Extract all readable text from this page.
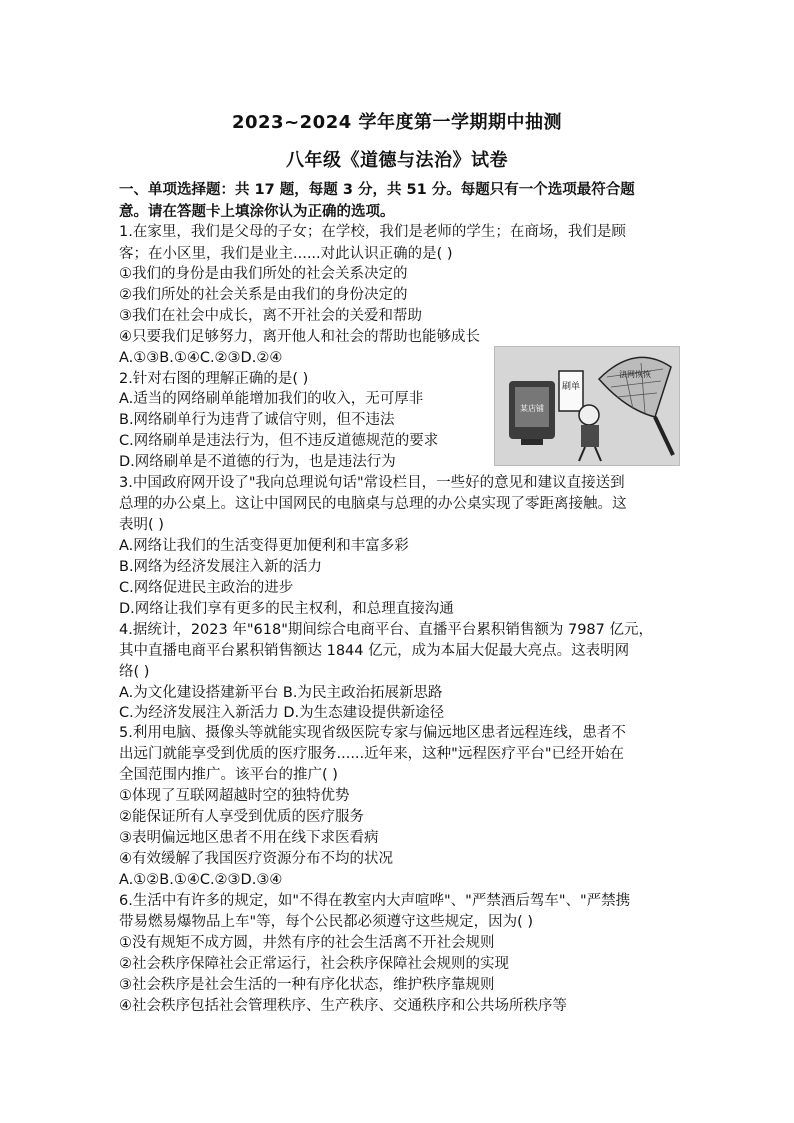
2023~2024 学年度第一学期期中抽测
八年级《道德与法治》试卷
一、单项选择题：共 17 题，每题 3 分，共 51 分。每题只有一个选项最符合题
意。请在答题卡上填涂你认为正确的选项。
1.在家里，我们是父母的子女；在学校，我们是老师的学生；在商场，我们是顾
客；在小区里，我们是业主......对此认识正确的是( )
①我们的身份是由我们所处的社会关系决定的
②我们所处的社会关系是由我们的身份决定的
③我们在社会中成长，离不开社会的关爱和帮助
④只要我们足够努力，离开他人和社会的帮助也能够成长
A.①③B.①④C.②③D.②④
2.针对右图的理解正确的是( )
A.适当的网络刷单能增加我们的收入，无可厚非
B.网络刷单行为违背了诚信守则，但不违法
C.网络刷单是违法行为，但不违反道德规范的要求
D.网络刷单是不道德的行为，也是违法行为
某店铺
刷单
法网恢恢
3.中国政府网开设了"我向总理说句话"常设栏目，一些好的意见和建议直接送到
总理的办公桌上。这让中国网民的电脑桌与总理的办公桌实现了零距离接触。这
表明( )
A.网络让我们的生活变得更加便利和丰富多彩
B.网络为经济发展注入新的活力
C.网络促进民主政治的进步
D.网络让我们享有更多的民主权利，和总理直接沟通
4.据统计，2023 年"618"期间综合电商平台、直播平台累积销售额为 7987 亿元，
其中直播电商平台累积销售额达 1844 亿元，成为本届大促最大亮点。这表明网
络( )
A.为文化建设搭建新平台 B.为民主政治拓展新思路
C.为经济发展注入新活力 D.为生态建设提供新途径
5.利用电脑、摄像头等就能实现省级医院专家与偏远地区患者远程连线，患者不
出远门就能享受到优质的医疗服务......近年来，这种"远程医疗平台"已经开始在
全国范围内推广。该平台的推广( )
①体现了互联网超越时空的独特优势
②能保证所有人享受到优质的医疗服务
③表明偏远地区患者不用在线下求医看病
④有效缓解了我国医疗资源分布不均的状况
A.①②B.①④C.②③D.③④
6.生活中有许多的规定，如"不得在教室内大声喧哗"、"严禁酒后驾车"、"严禁携
带易燃易爆物品上车"等，每个公民都必须遵守这些规定，因为( )
①没有规矩不成方圆，井然有序的社会生活离不开社会规则
②社会秩序保障社会正常运行，社会秩序保障社会规则的实现
③社会秩序是社会生活的一种有序化状态，维护秩序靠规则
④社会秩序包括社会管理秩序、生产秩序、交通秩序和公共场所秩序等
